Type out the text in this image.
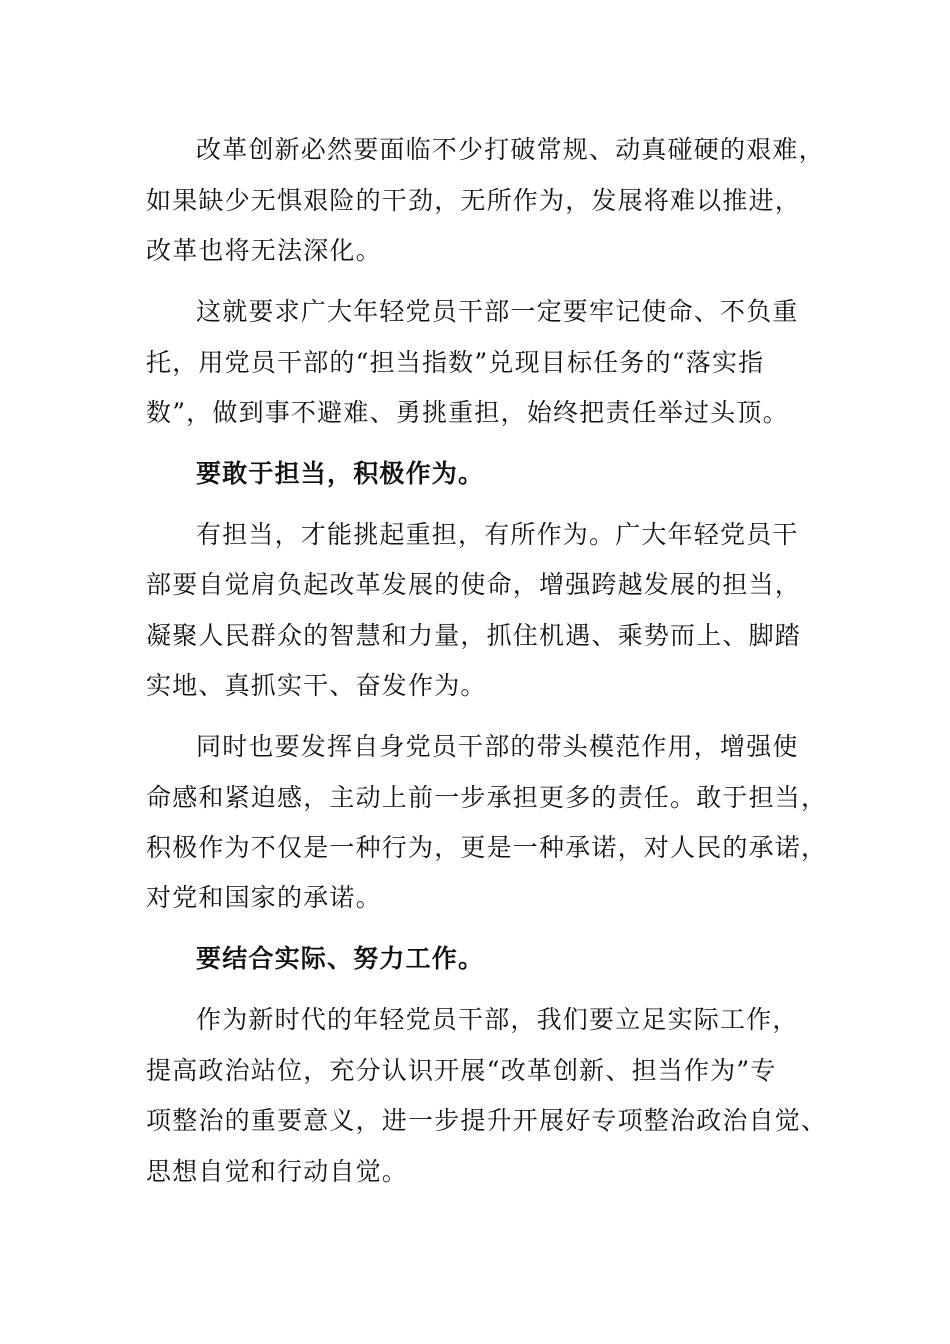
改革创新必然要面临不少打破常规、动真碰硬的艰难，

如果缺少无惧艰险的干劲，无所作为，发展将难以推进，

改革也将无法深化。

这就要求广大年轻党员干部一定要牢记使命、不负重

托，用党员干部的“担当指数”兑现目标任务的“落实指

数”，做到事不避难、勇挑重担，始终把责任举过头顶。

要敢于担当，积极作为。

有担当，才能挑起重担，有所作为。广大年轻党员干

部要自觉肩负起改革发展的使命，增强跨越发展的担当，

凝聚人民群众的智慧和力量，抓住机遇、乘势而上、脚踏

实地、真抓实干、奋发作为。

同时也要发挥自身党员干部的带头模范作用，增强使

命感和紧迫感，主动上前一步承担更多的责任。敢于担当，

积极作为不仅是一种行为，更是一种承诺，对人民的承诺，

对党和国家的承诺。

要结合实际、努力工作。

作为新时代的年轻党员干部，我们要立足实际工作，

提高政治站位，充分认识开展“改革创新、担当作为”专

项整治的重要意义，进一步提升开展好专项整治政治自觉、

思想自觉和行动自觉。
